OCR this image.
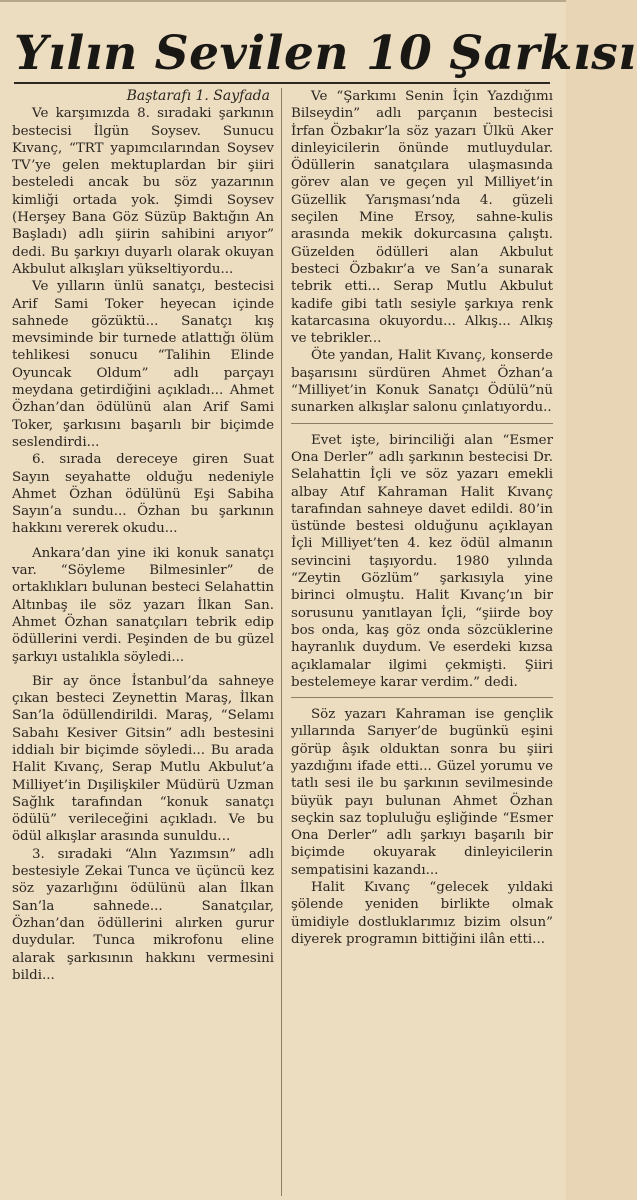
Yılın Sevilen 10 Şarkısı

Baştarafı 1. Sayfada

Ve karşımızda 8. sıradaki şarkının bestecisi İlgün Soysev. Sunucu Kıvanç, “TRT yapımcılarından Soysev TV’ye gelen mektuplardan bir şiiri besteledi ancak bu söz yazarının kimliği ortada yok. Şimdi Soysev (Herşey Bana Göz Süzüp Baktığın An Başladı) adlı şiirin sahibini arıyor” dedi. Bu şarkıyı duyarlı olarak okuyan Akbulut alkışları yükseltiyordu...

Ve yılların ünlü sanatçı, bestecisi Arif Sami Toker heyecan içinde sahnede gözüktü... Sanatçı kış mevsiminde bir turnede atlattığı ölüm tehlikesi sonucu “Talihin Elinde Oyuncak Oldum” adlı parçayı meydana getirdiğini açıkladı... Ahmet Özhan’dan ödülünü alan Arif Sami Toker, şarkısını başarılı bir biçimde seslendirdi...

6. sırada dereceye giren Suat Sayın seyahatte olduğu nedeniyle Ahmet Özhan ödülünü Eşi Sabiha Sayın’a sundu... Özhan bu şarkının hakkını vererek okudu...

Ankara’dan yine iki konuk sanatçı var. “Söyleme Bilmesinler” de ortaklıkları bulunan besteci Selahattin Altınbaş ile söz yazarı İlkan San. Ahmet Özhan sanatçıları tebrik edip ödüllerini verdi. Peşinden de bu güzel şarkıyı ustalıkla söyledi...

Bir ay önce İstanbul’da sahneye çıkan besteci Zeynettin Maraş, İlkan San’la ödüllendirildi. Maraş, “Selamı Sabahı Kesiver Gitsin” adlı bestesini iddialı bir biçimde söyledi... Bu arada Halit Kıvanç, Serap Mutlu Akbulut’a Milliyet’in Dışilişkiler Müdürü Uzman Sağlık tarafından “konuk sanatçı ödülü” verileceğini açıkladı. Ve bu ödül alkışlar arasında sunuldu...

3. sıradaki “Alın Yazımsın” adlı bestesiyle Zekai Tunca ve üçüncü kez söz yazarlığını ödülünü alan İlkan San’la sahnede... Sanatçılar, Özhan’dan ödüllerini alırken gurur duydular. Tunca mikrofonu eline alarak şarkısının hakkını vermesini bildi...

Ve “Şarkımı Senin İçin Yazdığımı Bilseydin” adlı parçanın bestecisi İrfan Özbakır’la söz yazarı Ülkü Aker dinleyicilerin önünde mutluydular. Ödüllerin sanatçılara ulaşmasında görev alan ve geçen yıl Milliyet’in Güzellik Yarışması’nda 4. güzeli seçilen Mine Ersoy, sahne-kulis arasında mekik dokurcasına çalıştı. Güzelden ödülleri alan Akbulut besteci Özbakır’a ve San’a sunarak tebrik etti... Serap Mutlu Akbulut kadife gibi tatlı sesiyle şarkıya renk katarcasına okuyordu... Alkış... Alkış ve tebrikler...

Öte yandan, Halit Kıvanç, konserde başarısını sürdüren Ahmet Özhan’a “Milliyet’in Konuk Sanatçı Ödülü”nü sunarken alkışlar salonu çınlatıyordu..

Evet işte, birinciliği alan “Esmer Ona Derler” adlı şarkının bestecisi Dr. Selahattin İçli ve söz yazarı emekli albay Atıf Kahraman Halit Kıvanç tarafından sahneye davet edildi. 80’in üstünde bestesi olduğunu açıklayan İçli Milliyet’ten 4. kez ödül almanın sevincini taşıyordu. 1980 yılında “Zeytin Gözlüm” şarkısıyla yine birinci olmuştu. Halit Kıvanç’ın bir sorusunu yanıtlayan İçli, “şiirde boy bos onda, kaş göz onda sözcüklerine hayranlık duydum. Ve eserdeki kızsa açıklamalar ilgimi çekmişti. Şiiri bestelemeye karar verdim.” dedi.

Söz yazarı Kahraman ise gençlik yıllarında Sarıyer’de bugünkü eşini görüp âşık olduktan sonra bu şiiri yazdığını ifade etti... Güzel yorumu ve tatlı sesi ile bu şarkının sevilmesinde büyük payı bulunan Ahmet Özhan seçkin saz topluluğu eşliğinde “Esmer Ona Derler” adlı şarkıyı başarılı bir biçimde okuyarak dinleyicilerin sempatisini kazandı...

Halit Kıvanç “gelecek yıldaki şölende yeniden birlikte olmak ümidiyle dostluklarımız bizim olsun” diyerek programın bittiğini ilân etti...
